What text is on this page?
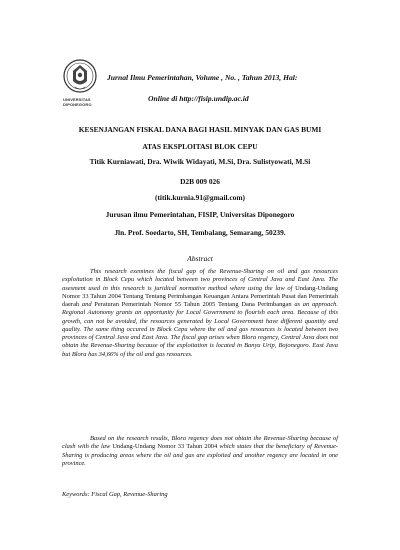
UNIVERSITAS DIPONEGORO
Jurnal Ilmu Pemerintahan, Volume , No. , Tahun 2013, Hal:
Online di http://fisip.undip.ac.id
KESENJANGAN FISKAL DANA BAGI HASIL MINYAK DAN GAS BUMI
ATAS EKSPLOITASI BLOK CEPU
Titik Kurniawati, Dra. Wiwik Widayati, M.Si, Dra. Sulistyowati, M.Si
D2B 009 026
(titik.kurnia.91@gmail.com)
Jurusan ilmu Pemerintahan, FISIP, Universitas Diponegoro
Jln. Prof. Soedarto, SH, Tembalang, Semarang, 50239.
Abstract

This research exemines the fiscal gap of the Revenue-Sharing on oil and gas resources exploitation in Block Cepu which located between two provinces of Central Java and East Java. The asesment used in this research is juridical normative method where using the law of Undang-Undang Nomor 33 Tahun 2004 Tentang Tentang Perimbangan Keuangan Antara Pemerintah Pusat dan Pemerintah daerah and Peraturan Pemerintah Nomor 55 Tahun 2005 Tentang Dana Perimbangan as an approach. Regional Autonomy grants an opportunity for Local Government to flourish each area. Because of this growth, can not be avoided, the resources generated by Local Government have different quantity and quality. The same thing occured in Block Cepu where the oil and gas resources is located between two provinces of Central Java and East Java. The fiscal gap arises when Blora regency, Central Java does not obtain the Revenue-Sharing because of the exploitation is located in Banyu Urip, Bojonegoro. East Java but Blora has 34,66% of the oil and gas resources.

Based on the research results, Blora regency does not obtain the Revenue-Sharing because of clash with the law Undang-Undang Nomor 33 Tahun 2004 which states that the beneficiary of Revenue-Sharing is producing areas where the oil and gas are exploited and another regency are located in one province.

Keywords: Fiscal Gap, Revenue-Sharing
